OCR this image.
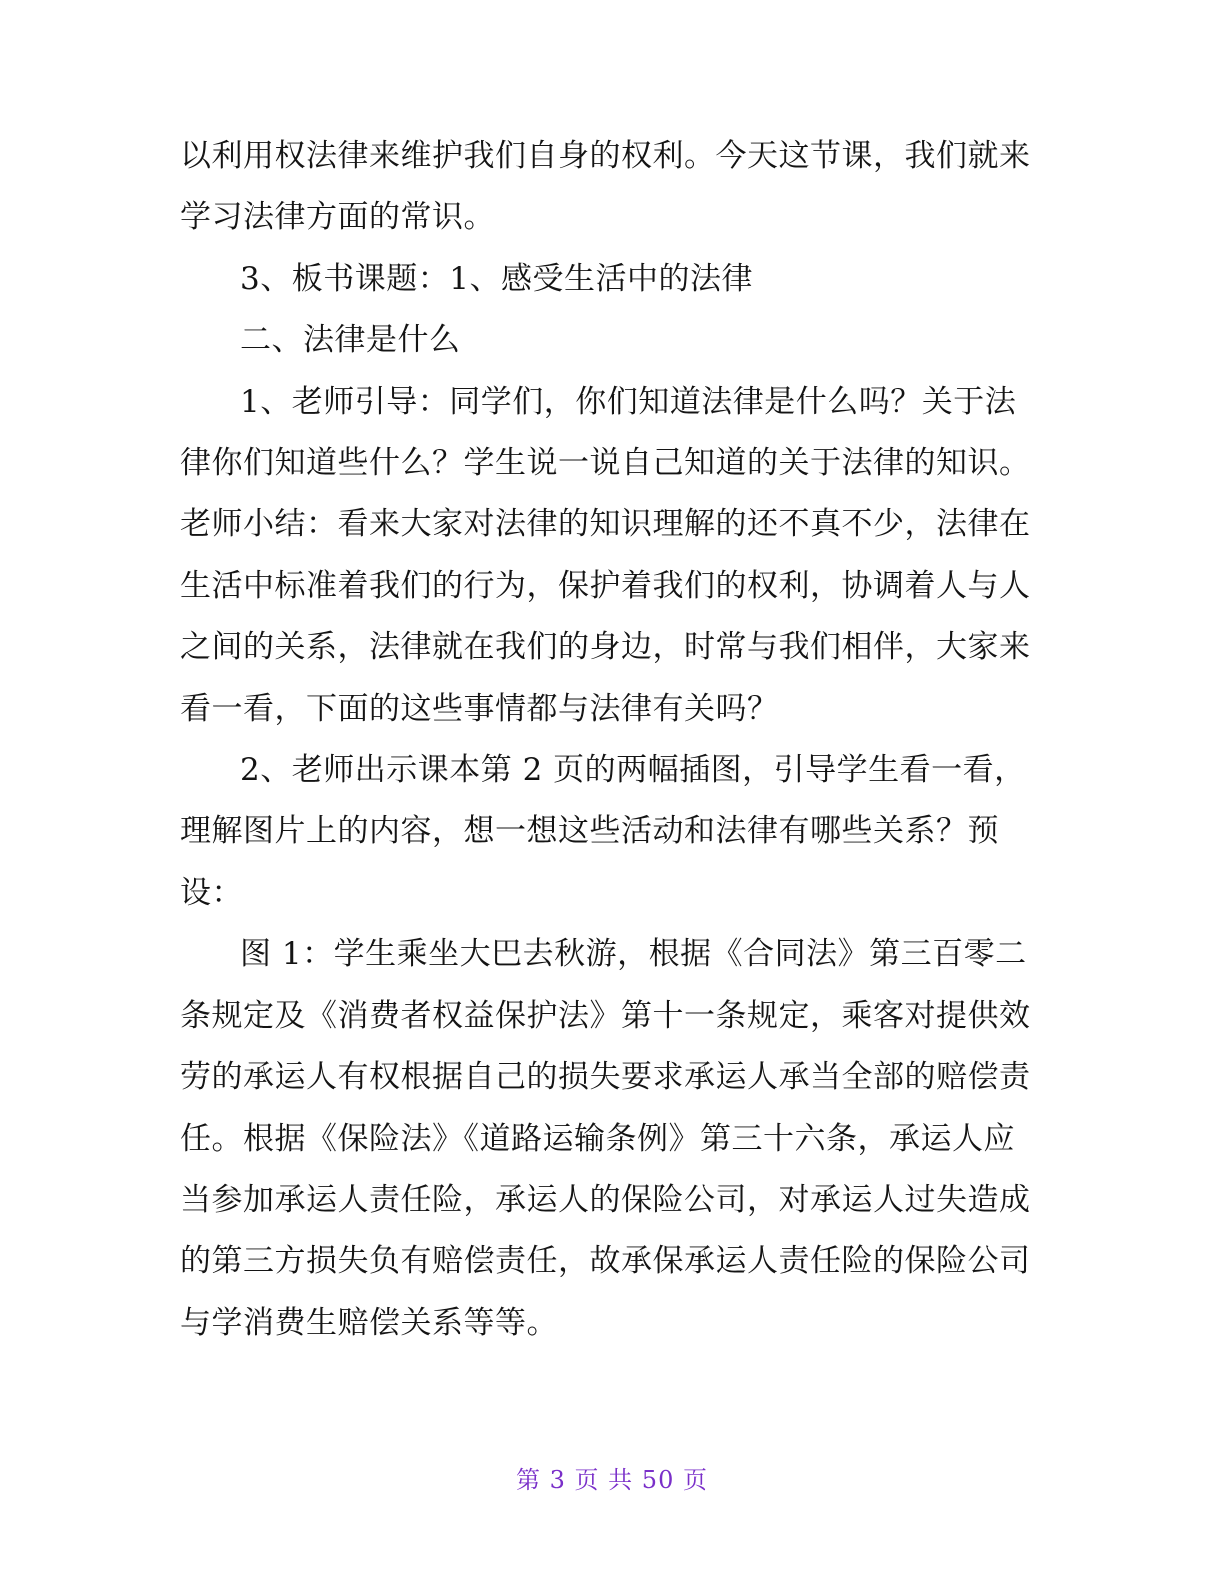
以利用权法律来维护我们自身的权利。今天这节课，我们就来
学习法律方面的常识。

3、板书课题：1、感受生活中的法律

二、法律是什么

1、老师引导：同学们，你们知道法律是什么吗？关于法
律你们知道些什么？学生说一说自己知道的关于法律的知识。
老师小结：看来大家对法律的知识理解的还不真不少，法律在
生活中标准着我们的行为，保护着我们的权利，协调着人与人
之间的关系，法律就在我们的身边，时常与我们相伴，大家来
看一看，下面的这些事情都与法律有关吗？

2、老师出示课本第 2 页的两幅插图，引导学生看一看，
理解图片上的内容，想一想这些活动和法律有哪些关系？预
设：

图 1：学生乘坐大巴去秋游，根据《合同法》第三百零二
条规定及《消费者权益保护法》第十一条规定，乘客对提供效
劳的承运人有权根据自己的损失要求承运人承当全部的赔偿责
任。根据《保险法》《道路运输条例》第三十六条，承运人应
当参加承运人责任险，承运人的保险公司，对承运人过失造成
的第三方损失负有赔偿责任，故承保承运人责任险的保险公司
与学消费生赔偿关系等等。

第 3 页 共 50 页
